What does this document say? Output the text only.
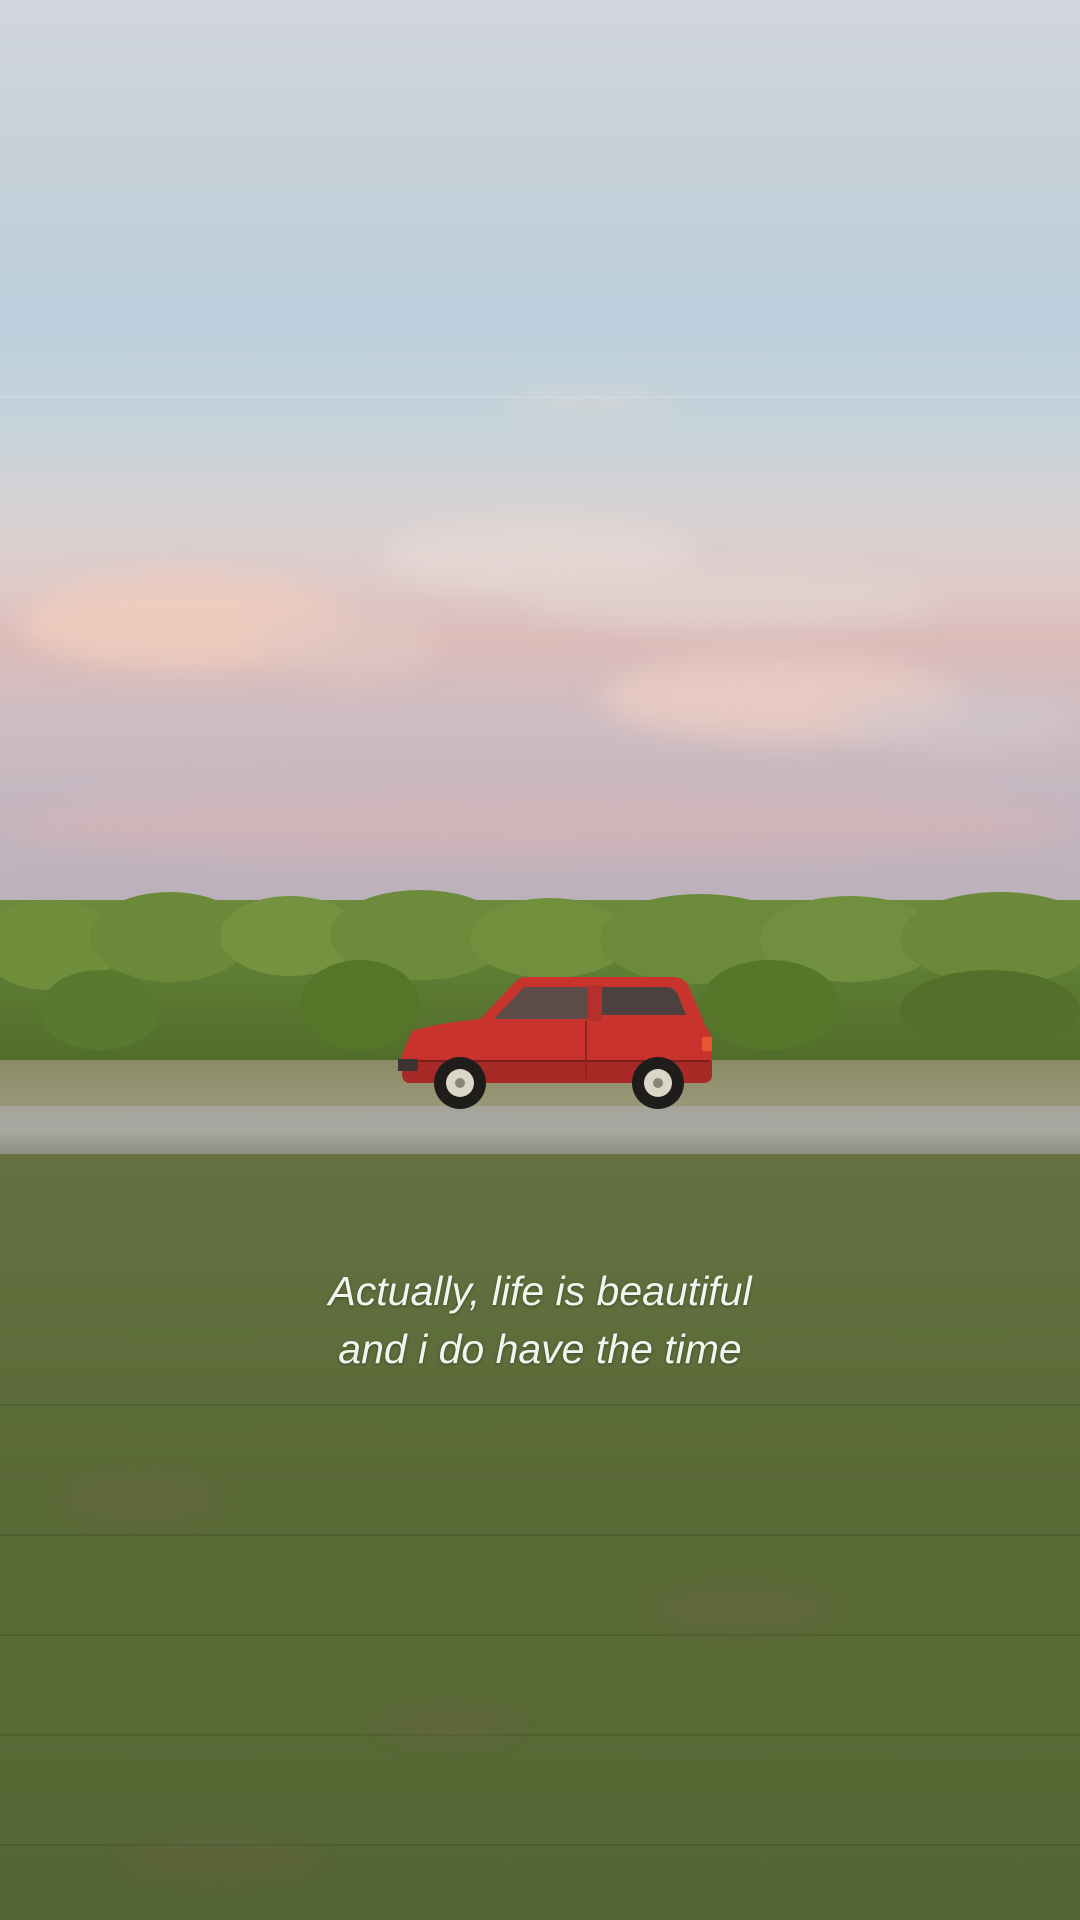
Actually, life is beautiful
and i do have the time
